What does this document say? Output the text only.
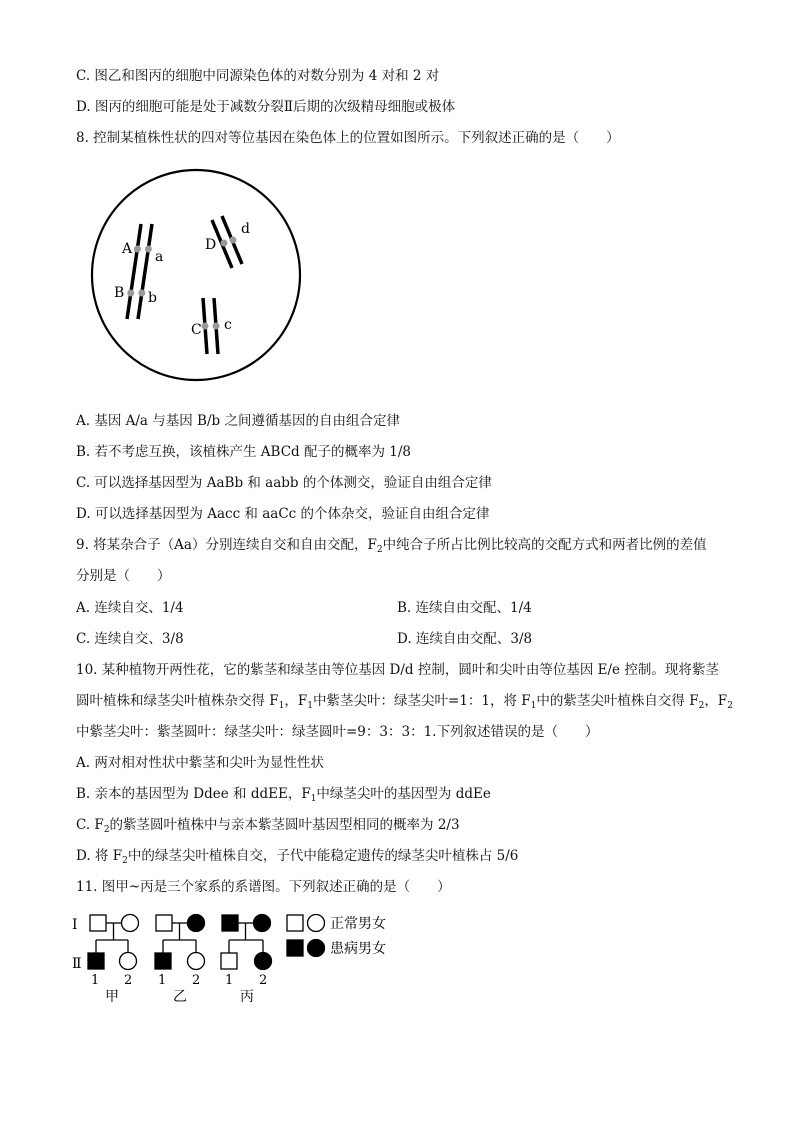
C. 图乙和图丙的细胞中同源染色体的对数分别为 4 对和 2 对
D. 图丙的细胞可能是处于减数分裂Ⅱ后期的次级精母细胞或极体
8. 控制某植株性状的四对等位基因在染色体上的位置如图所示。下列叙述正确的是（　　）
A a
B b
D
d
C c
A. 基因 A/a 与基因 B/b 之间遵循基因的自由组合定律
B. 若不考虑互换，该植株产生 ABCd 配子的概率为 1/8
C. 可以选择基因型为 AaBb 和 aabb 的个体测交，验证自由组合定律
D. 可以选择基因型为 Aacc 和 aaCc 的个体杂交，验证自由组合定律
9. 将某杂合子（Aa）分别连续自交和自由交配，$F_2$中纯合子所占比例比较高的交配方式和两者比例的差值
分别是（　　）
A. 连续自交、1/4	B. 连续自由交配、1/4
C. 连续自交、3/8	D. 连续自由交配、3/8
10. 某种植物开两性花，它的紫茎和绿茎由等位基因 D/d 控制，圆叶和尖叶由等位基因 E/e 控制。现将紫茎
圆叶植株和绿茎尖叶植株杂交得 $F_1$，$F_1$中紫茎尖叶：绿茎尖叶=1：1，将 $F_1$中的紫茎尖叶植株自交得 $F_2$，$F_2$
中紫茎尖叶：紫茎圆叶：绿茎尖叶：绿茎圆叶=9：3：3：1.下列叙述错误的是（　　）
A. 两对相对性状中紫茎和尖叶为显性性状
B. 亲本的基因型为 Ddee 和 ddEE，$F_1$中绿茎尖叶的基因型为 ddEe
C. $F_2$的紫茎圆叶植株中与亲本紫茎圆叶基因型相同的概率为 2/3
D. 将 $F_2$中的绿茎尖叶植株自交，子代中能稳定遗传的绿茎尖叶植株占 5/6
11. 图甲~丙是三个家系的系谱图。下列叙述正确的是（　　）
Ⅰ
Ⅱ
1 2 1 2 1 2
甲	乙	丙
正常男女
患病男女
